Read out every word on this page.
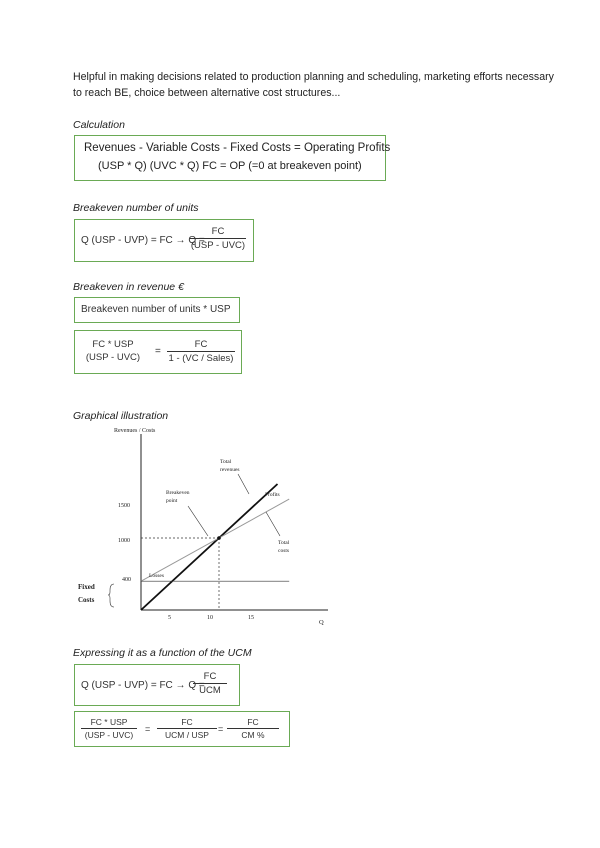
Helpful in making decisions related to production planning and scheduling, marketing efforts necessary to reach BE, choice between alternative cost structures...
Calculation
Revenues - Variable Costs - Fixed Costs = Operating Profits
(USP * Q) (UVC * Q) FC = OP (=0 at breakeven point)
Breakeven number of units
Q (USP - UVP) = FC → Q =
FC
(USP - UVC)
Breakeven in revenue €
Breakeven number of units * USP
FC * USP
(USP - UVC)
=
FC
1 - (VC / Sales)
Graphical illustration
Revenues / Costs
Q
1500
1000
400
5	10	15
Fixed
Costs
Total
revenues
Profits
Breakeven
point
Total
costs
Losses
Expressing it as a function of the UCM
Q (USP - UVP) = FC → Q =
FC
UCM
FC * USP
(USP - UVC)
=
FC
UCM / USP
=
FC
CM %
